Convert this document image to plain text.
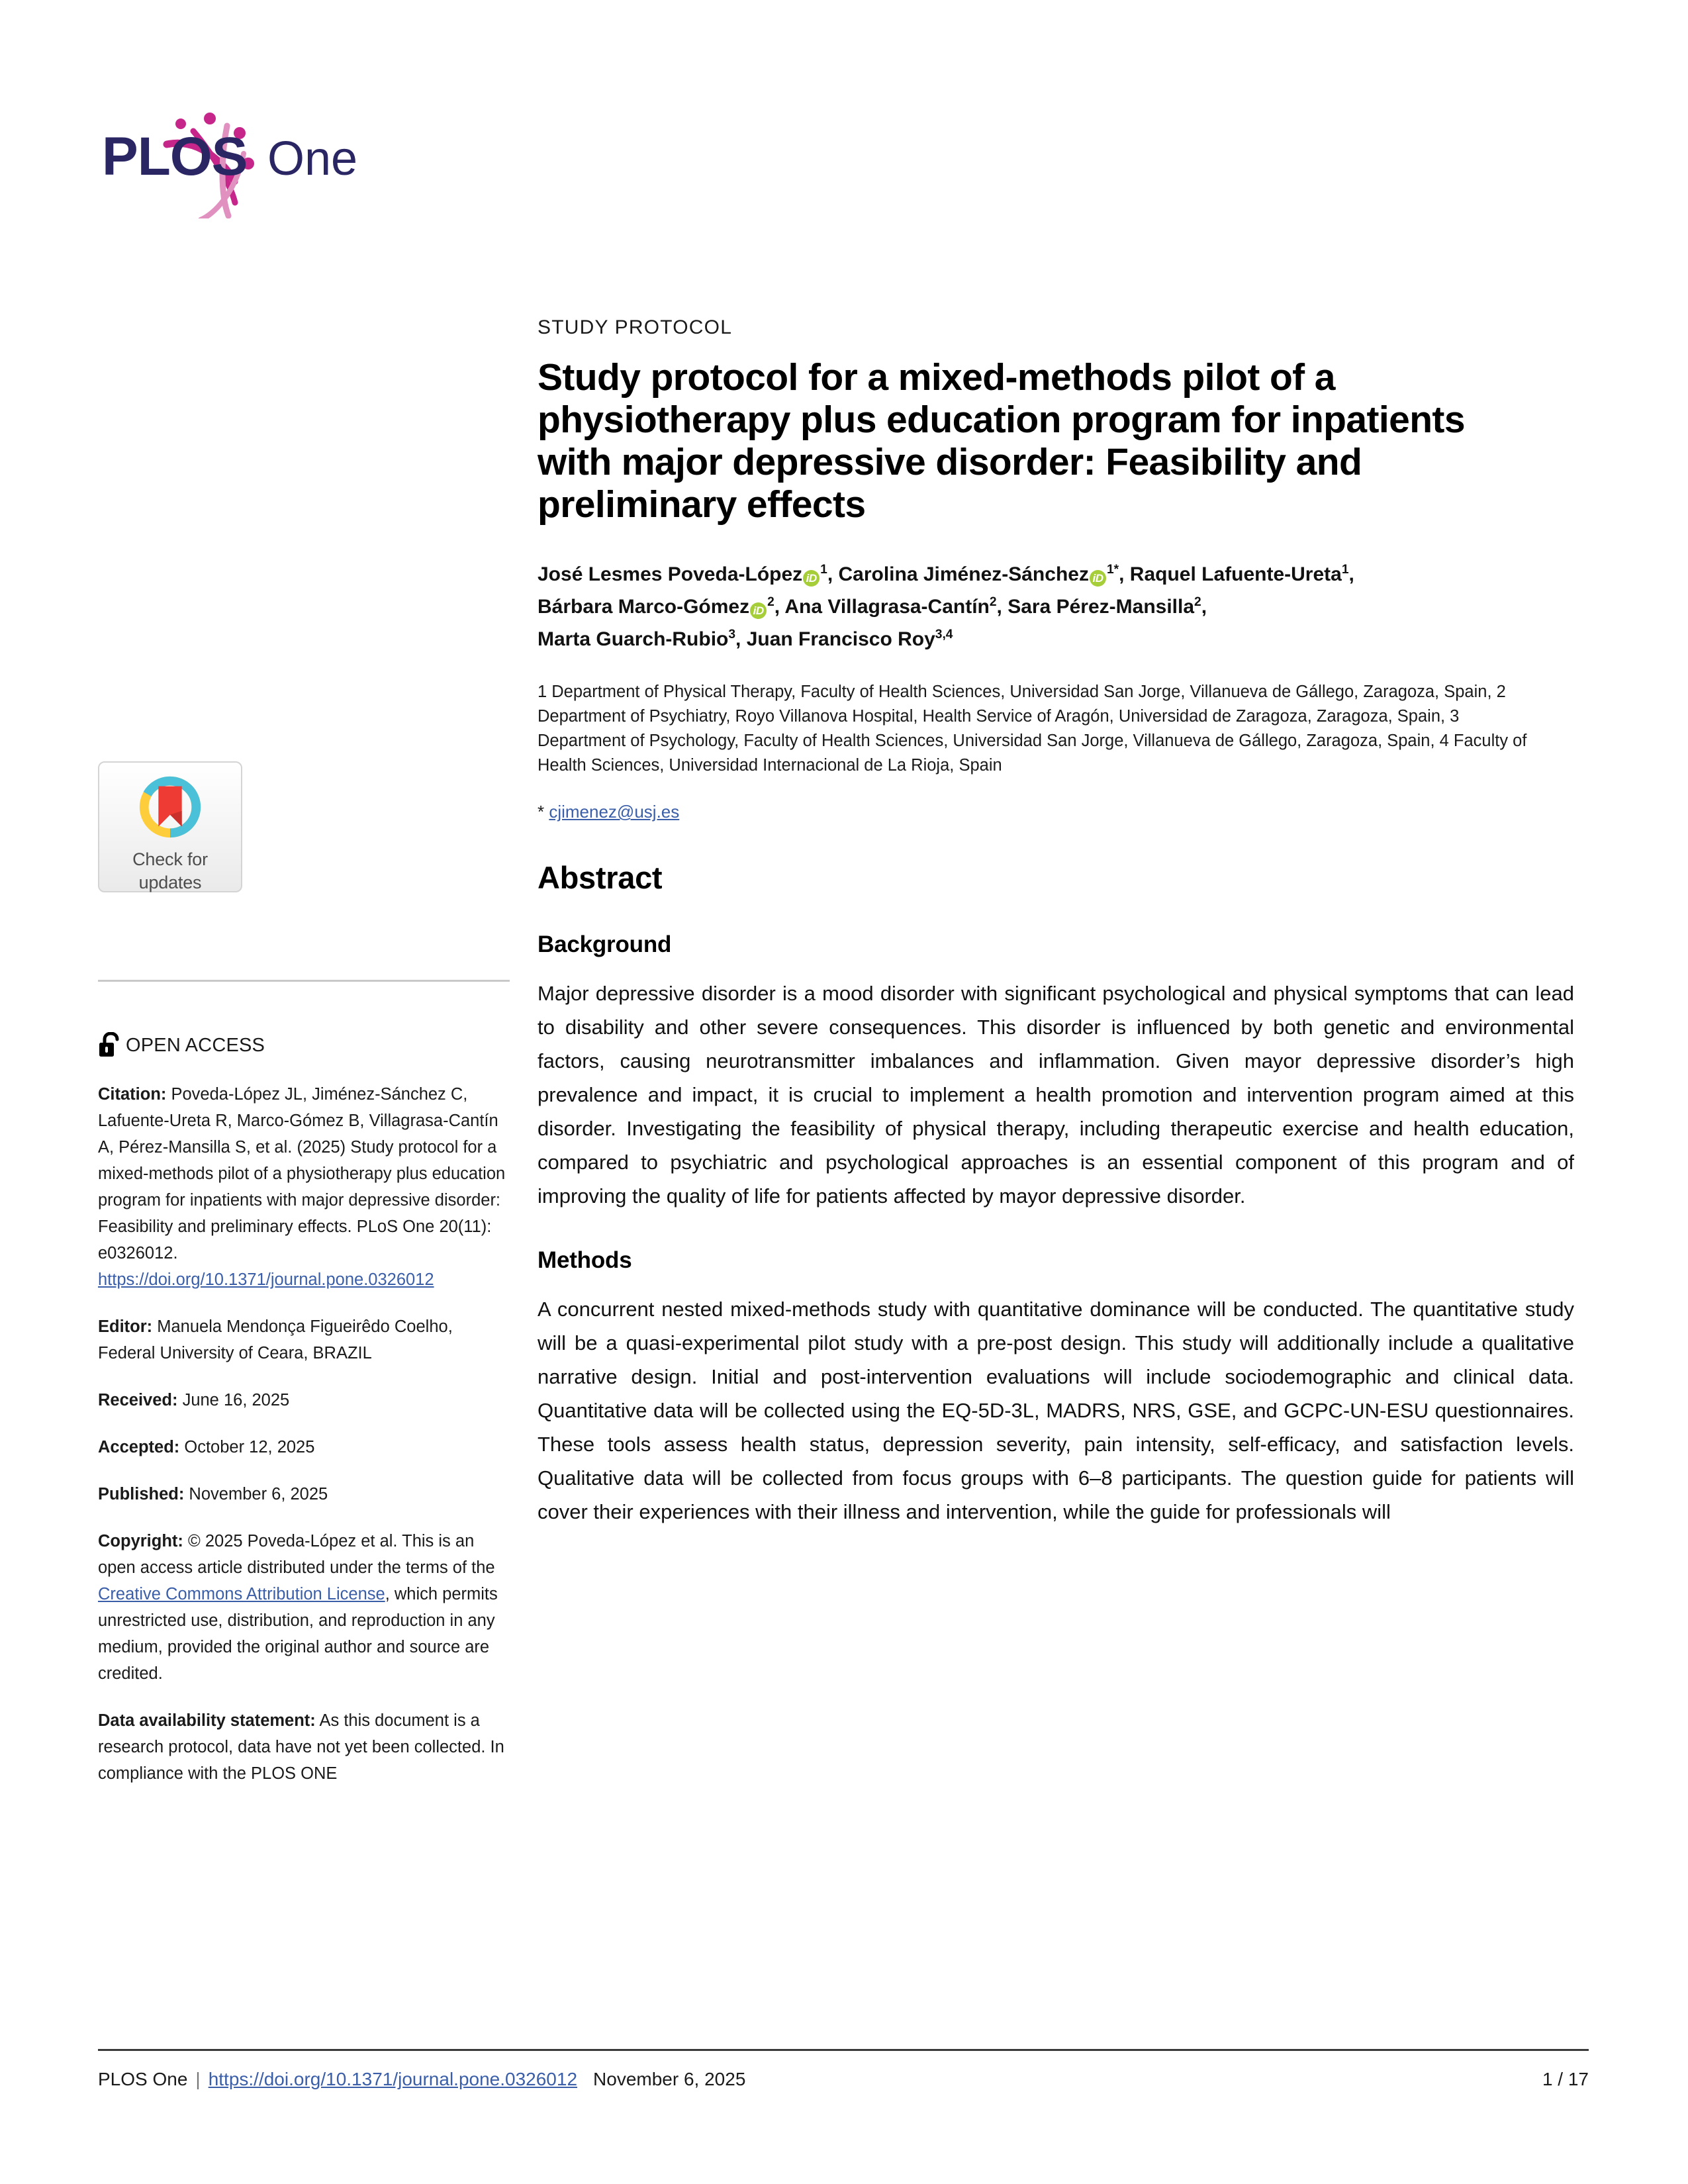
PLOS One
Check for
updates
OPEN ACCESS
Citation: Poveda-López JL, Jiménez-Sánchez C, Lafuente-Ureta R, Marco-Gómez B, Villagrasa-Cantín A, Pérez-Mansilla S, et al. (2025) Study protocol for a mixed-methods pilot of a physiotherapy plus education program for inpatients with major depressive disorder: Feasibility and preliminary effects. PLoS One 20(11): e0326012. https://doi.org/10.1371/journal.pone.0326012
Editor: Manuela Mendonça Figueirêdo Coelho, Federal University of Ceara, BRAZIL
Received: June 16, 2025
Accepted: October 12, 2025
Published: November 6, 2025
Copyright: © 2025 Poveda-López et al. This is an open access article distributed under the terms of the Creative Commons Attribution License, which permits unrestricted use, distribution, and reproduction in any medium, provided the original author and source are credited.
Data availability statement: As this document is a research protocol, data have not yet been collected. In compliance with the PLOS ONE
STUDY PROTOCOL
Study protocol for a mixed-methods pilot of a physiotherapy plus education program for inpatients with major depressive disorder: Feasibility and preliminary effects
José Lesmes Poveda-López $iD^1$, Carolina Jiménez-Sánchez $iD^{1*}$, Raquel Lafuente-Ureta$^1$,
Bárbara Marco-Gómez $iD^2$, Ana Villagrasa-Cantín$^2$, Sara Pérez-Mansilla$^2$,
Marta Guarch-Rubio$^3$, Juan Francisco Roy$^{3,4}$
1 Department of Physical Therapy, Faculty of Health Sciences, Universidad San Jorge, Villanueva de Gállego, Zaragoza, Spain, 2 Department of Psychiatry, Royo Villanova Hospital, Health Service of Aragón, Universidad de Zaragoza, Zaragoza, Spain, 3 Department of Psychology, Faculty of Health Sciences, Universidad San Jorge, Villanueva de Gállego, Zaragoza, Spain, 4 Faculty of Health Sciences, Universidad Internacional de La Rioja, Spain
* cjimenez@usj.es
Abstract
Background

Major depressive disorder is a mood disorder with significant psychological and physical symptoms that can lead to disability and other severe consequences. This disorder is influenced by both genetic and environmental factors, causing neurotransmitter imbalances and inflammation. Given mayor depressive disorder’s high prevalence and impact, it is crucial to implement a health promotion and intervention program aimed at this disorder. Investigating the feasibility of physical therapy, including therapeutic exercise and health education, compared to psychiatric and psychological approaches is an essential component of this program and of improving the quality of life for patients affected by mayor depressive disorder.

Methods

A concurrent nested mixed-methods study with quantitative dominance will be conducted. The quantitative study will be a quasi-experimental pilot study with a pre-post design. This study will additionally include a qualitative narrative design. Initial and post-intervention evaluations will include sociodemographic and clinical data. Quantitative data will be collected using the EQ-5D-3L, MADRS, NRS, GSE, and GCPC-UN-ESU questionnaires. These tools assess health status, depression severity, pain intensity, self-efficacy, and satisfaction levels. Qualitative data will be collected from focus groups with 6–8 participants. The question guide for patients will cover their experiences with their illness and intervention, while the guide for professionals will

PLOS One | https://doi.org/10.1371/journal.pone.0326012 November 6, 2025	1 / 17
